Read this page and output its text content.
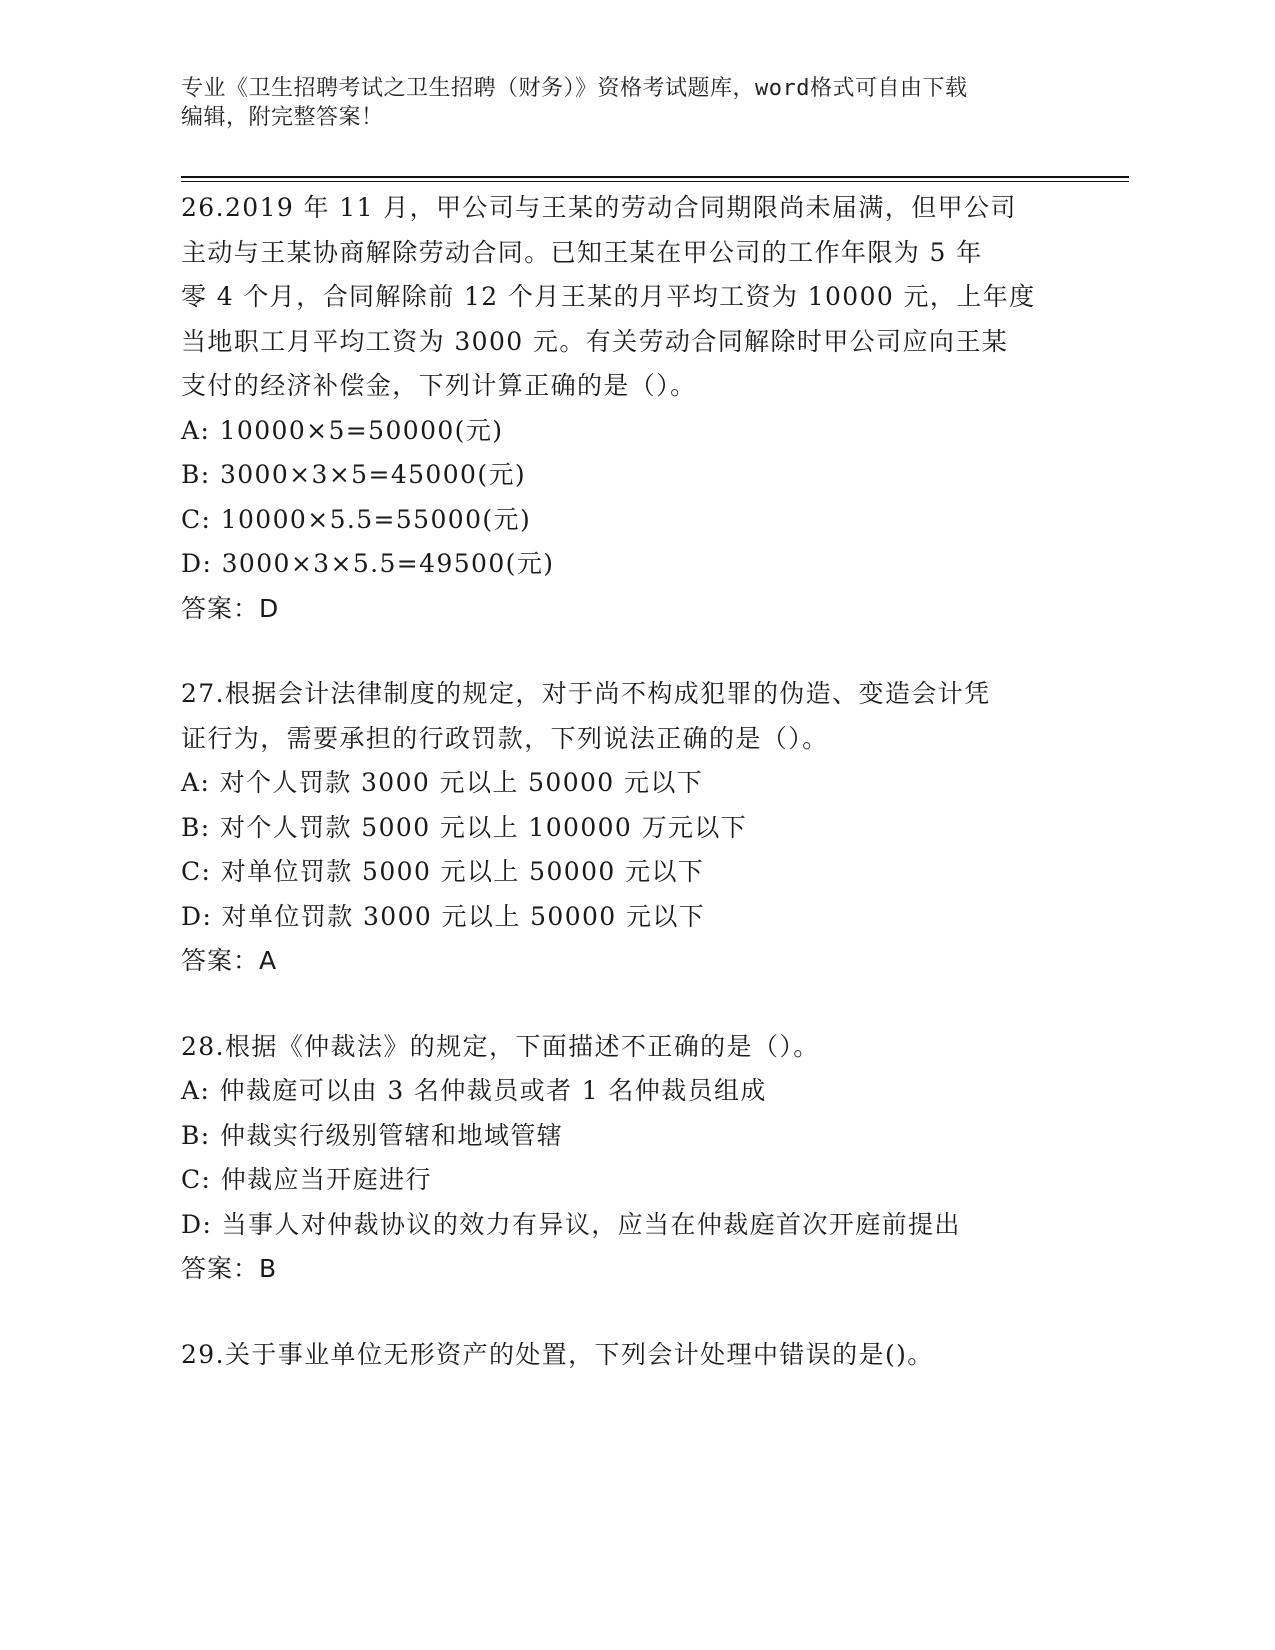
专业《卫生招聘考试之卫生招聘（财务）》资格考试题库，word格式可自由下载
编辑，附完整答案！
26.2019 年 11 月，甲公司与王某的劳动合同期限尚未届满，但甲公司
主动与王某协商解除劳动合同。已知王某在甲公司的工作年限为 5 年
零 4 个月，合同解除前 12 个月王某的月平均工资为 10000 元，上年度
当地职工月平均工资为 3000 元。有关劳动合同解除时甲公司应向王某
支付的经济补偿金，下列计算正确的是（）。
A: 10000×5=50000(元)
B: 3000×3×5=45000(元)
C: 10000×5.5=55000(元)
D: 3000×3×5.5=49500(元)
答案：D
27.根据会计法律制度的规定，对于尚不构成犯罪的伪造、变造会计凭
证行为，需要承担的行政罚款，下列说法正确的是（）。
A: 对个人罚款 3000 元以上 50000 元以下
B: 对个人罚款 5000 元以上 100000 万元以下
C: 对单位罚款 5000 元以上 50000 元以下
D: 对单位罚款 3000 元以上 50000 元以下
答案：A
28.根据《仲裁法》的规定，下面描述不正确的是（）。
A: 仲裁庭可以由 3 名仲裁员或者 1 名仲裁员组成
B: 仲裁实行级别管辖和地域管辖
C: 仲裁应当开庭进行
D: 当事人对仲裁协议的效力有异议，应当在仲裁庭首次开庭前提出
答案：B
29.关于事业单位无形资产的处置，下列会计处理中错误的是()。
